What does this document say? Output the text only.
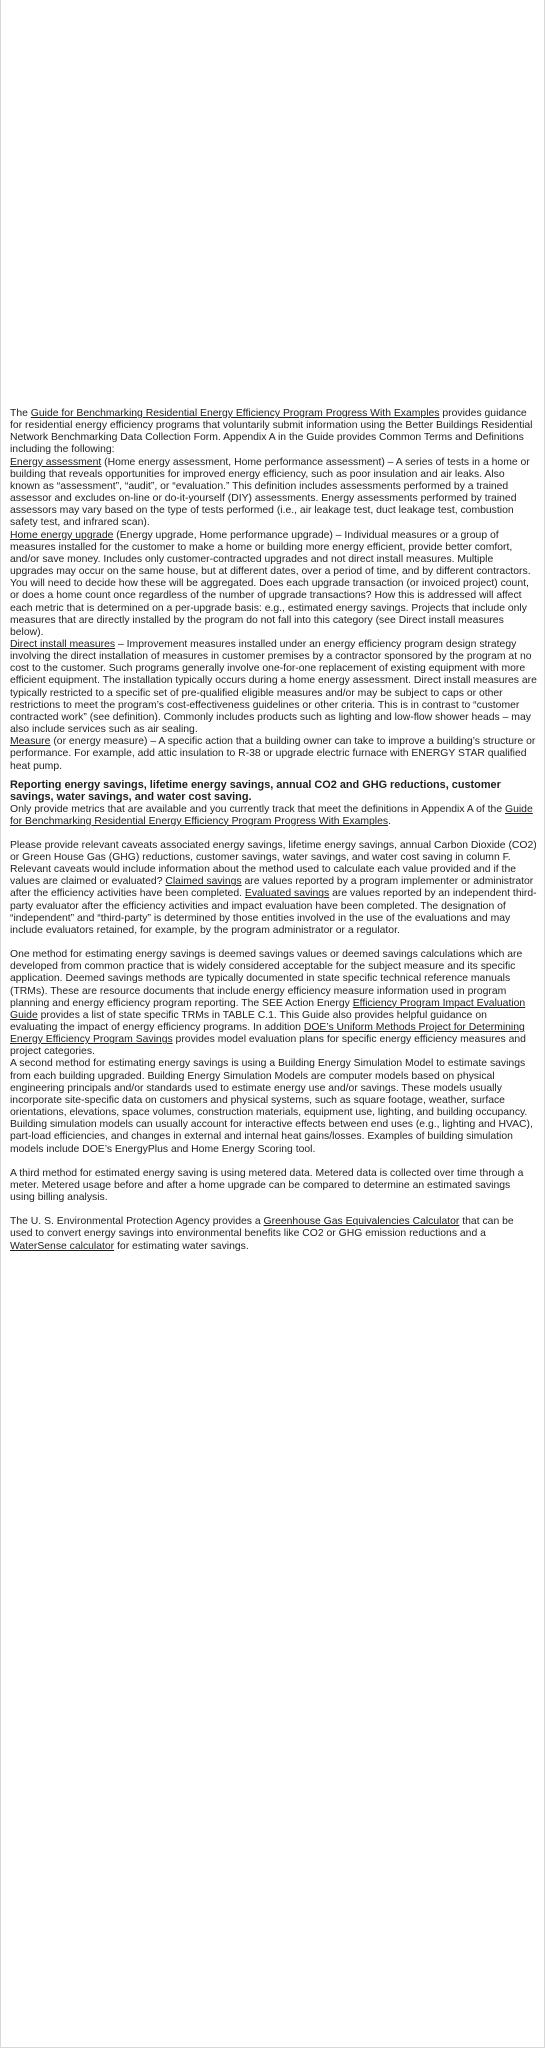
The Guide for Benchmarking Residential Energy Efficiency Program Progress With Examples provides guidance for residential energy efficiency programs that voluntarily submit information using the Better Buildings Residential Network Benchmarking Data Collection Form. Appendix A in the Guide provides Common Terms and Definitions including the following:

Energy assessment (Home energy assessment, Home performance assessment) – A series of tests in a home or building that reveals opportunities for improved energy efficiency, such as poor insulation and air leaks. Also known as “assessment”, “audit”, or “evaluation.” This definition includes assessments performed by a trained assessor and excludes on-line or do-it-yourself (DIY) assessments. Energy assessments performed by trained assessors may vary based on the type of tests performed (i.e., air leakage test, duct leakage test, combustion safety test, and infrared scan).

Home energy upgrade (Energy upgrade, Home performance upgrade) – Individual measures or a group of measures installed for the customer to make a home or building more energy efficient, provide better comfort, and/or save money. Includes only customer-contracted upgrades and not direct install measures. Multiple upgrades may occur on the same house, but at different dates, over a period of time, and by different contractors. You will need to decide how these will be aggregated. Does each upgrade transaction (or invoiced project) count, or does a home count once regardless of the number of upgrade transactions? How this is addressed will affect each metric that is determined on a per-upgrade basis: e.g., estimated energy savings. Projects that include only measures that are directly installed by the program do not fall into this category (see Direct install measures below).

Direct install measures – Improvement measures installed under an energy efficiency program design strategy involving the direct installation of measures in customer premises by a contractor sponsored by the program at no cost to the customer. Such programs generally involve one-for-one replacement of existing equipment with more efficient equipment. The installation typically occurs during a home energy assessment. Direct install measures are typically restricted to a specific set of pre-qualified eligible measures and/or may be subject to caps or other restrictions to meet the program’s cost-effectiveness guidelines or other criteria. This is in contrast to “customer contracted work” (see definition). Commonly includes products such as lighting and low-flow shower heads – may also include services such as air sealing.

Measure (or energy measure) – A specific action that a building owner can take to improve a building’s structure or performance. For example, add attic insulation to R-38 or upgrade electric furnace with ENERGY STAR qualified heat pump.

Reporting energy savings, lifetime energy savings, annual CO2 and GHG reductions, customer savings, water savings, and water cost saving.

Only provide metrics that are available and you currently track that meet the definitions in Appendix A of the Guide for Benchmarking Residential Energy Efficiency Program Progress With Examples.

Please provide relevant caveats associated energy savings, lifetime energy savings, annual Carbon Dioxide (CO2) or Green House Gas (GHG) reductions, customer savings, water savings, and water cost saving in column F. Relevant caveats would include information about the method used to calculate each value provided and if the values are claimed or evaluated? Claimed savings are values reported by a program implementer or administrator after the efficiency activities have been completed. Evaluated savings are values reported by an independent third-party evaluator after the efficiency activities and impact evaluation have been completed. The designation of “independent” and “third-party” is determined by those entities involved in the use of the evaluations and may include evaluators retained, for example, by the program administrator or a regulator.

One method for estimating energy savings is deemed savings values or deemed savings calculations which are developed from common practice that is widely considered acceptable for the subject measure and its specific application. Deemed savings methods are typically documented in state specific technical reference manuals (TRMs). These are resource documents that include energy efficiency measure information used in program planning and energy efficiency program reporting. The SEE Action Energy Efficiency Program Impact Evaluation Guide provides a list of state specific TRMs in TABLE C.1. This Guide also provides helpful guidance on evaluating the impact of energy efficiency programs. In addition DOE’s Uniform Methods Project for Determining Energy Efficiency Program Savings provides model evaluation plans for specific energy efficiency measures and project categories.

A second method for estimating energy savings is using a Building Energy Simulation Model to estimate savings from each building upgraded. Building Energy Simulation Models are computer models based on physical engineering principals and/or standards used to estimate energy use and/or savings. These models usually incorporate site-specific data on customers and physical systems, such as square footage, weather, surface orientations, elevations, space volumes, construction materials, equipment use, lighting, and building occupancy. Building simulation models can usually account for interactive effects between end uses (e.g., lighting and HVAC), part-load efficiencies, and changes in external and internal heat gains/losses. Examples of building simulation models include DOE’s EnergyPlus and Home Energy Scoring tool.

A third method for estimated energy saving is using metered data. Metered data is collected over time through a meter. Metered usage before and after a home upgrade can be compared to determine an estimated savings using billing analysis.

The U. S. Environmental Protection Agency provides a Greenhouse Gas Equivalencies Calculator that can be used to convert energy savings into environmental benefits like CO2 or GHG emission reductions and a WaterSense calculator for estimating water savings.
